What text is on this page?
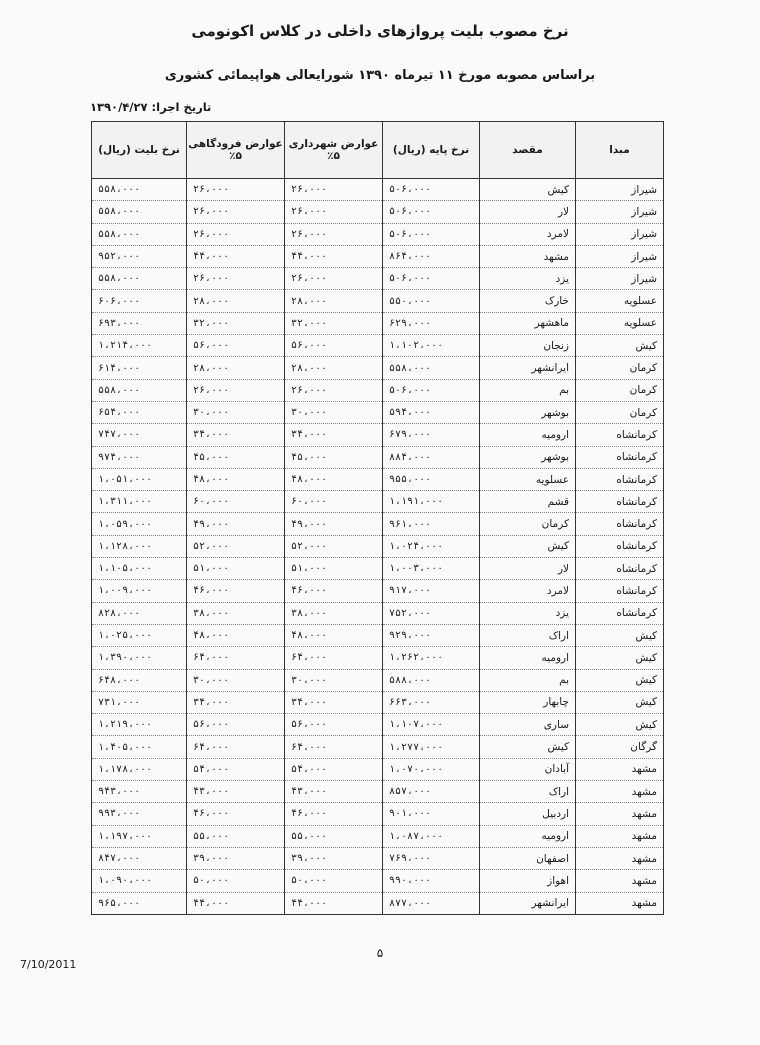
نرخ مصوب بلیت پروازهای داخلی در کلاس اکونومی
براساس مصوبه مورخ ۱۱ تیرماه ۱۳۹۰ شورایعالی هواپیمائی کشوری
تاریخ اجرا: ۱۳۹۰/۴/۲۷
مبدا	مقصد	نرخ پایه (ریال)	عوارض شهرداری ۵٪	عوارض فرودگاهی ۵٪	نرخ بلیت (ریال)
شیراز	کیش	۵۰۶،۰۰۰	۲۶،۰۰۰	۲۶،۰۰۰	۵۵۸،۰۰۰
شیراز	لار	۵۰۶،۰۰۰	۲۶،۰۰۰	۲۶،۰۰۰	۵۵۸،۰۰۰
شیراز	لامرد	۵۰۶،۰۰۰	۲۶،۰۰۰	۲۶،۰۰۰	۵۵۸،۰۰۰
شیراز	مشهد	۸۶۴،۰۰۰	۴۴،۰۰۰	۴۴،۰۰۰	۹۵۲،۰۰۰
شیراز	یزد	۵۰۶،۰۰۰	۲۶،۰۰۰	۲۶،۰۰۰	۵۵۸،۰۰۰
عسلویه	خارک	۵۵۰،۰۰۰	۲۸،۰۰۰	۲۸،۰۰۰	۶۰۶،۰۰۰
عسلویه	ماهشهر	۶۲۹،۰۰۰	۳۲،۰۰۰	۳۲،۰۰۰	۶۹۳،۰۰۰
کیش	زنجان	۱،۱۰۲،۰۰۰	۵۶،۰۰۰	۵۶،۰۰۰	۱،۲۱۴،۰۰۰
کرمان	ایرانشهر	۵۵۸،۰۰۰	۲۸،۰۰۰	۲۸،۰۰۰	۶۱۴،۰۰۰
کرمان	بم	۵۰۶،۰۰۰	۲۶،۰۰۰	۲۶،۰۰۰	۵۵۸،۰۰۰
کرمان	بوشهر	۵۹۴،۰۰۰	۳۰،۰۰۰	۳۰،۰۰۰	۶۵۴،۰۰۰
کرمانشاه	ارومیه	۶۷۹،۰۰۰	۳۴،۰۰۰	۳۴،۰۰۰	۷۴۷،۰۰۰
کرمانشاه	بوشهر	۸۸۴،۰۰۰	۴۵،۰۰۰	۴۵،۰۰۰	۹۷۴،۰۰۰
کرمانشاه	عسلویه	۹۵۵،۰۰۰	۴۸،۰۰۰	۴۸،۰۰۰	۱،۰۵۱،۰۰۰
کرمانشاه	قشم	۱،۱۹۱،۰۰۰	۶۰،۰۰۰	۶۰،۰۰۰	۱،۳۱۱،۰۰۰
کرمانشاه	کرمان	۹۶۱،۰۰۰	۴۹،۰۰۰	۴۹،۰۰۰	۱،۰۵۹،۰۰۰
کرمانشاه	کیش	۱،۰۲۴،۰۰۰	۵۲،۰۰۰	۵۲،۰۰۰	۱،۱۲۸،۰۰۰
کرمانشاه	لار	۱،۰۰۳،۰۰۰	۵۱،۰۰۰	۵۱،۰۰۰	۱،۱۰۵،۰۰۰
کرمانشاه	لامرد	۹۱۷،۰۰۰	۴۶،۰۰۰	۴۶،۰۰۰	۱،۰۰۹،۰۰۰
کرمانشاه	یزد	۷۵۲،۰۰۰	۳۸،۰۰۰	۳۸،۰۰۰	۸۲۸،۰۰۰
کیش	اراک	۹۲۹،۰۰۰	۴۸،۰۰۰	۴۸،۰۰۰	۱،۰۲۵،۰۰۰
کیش	ارومیه	۱،۲۶۲،۰۰۰	۶۴،۰۰۰	۶۴،۰۰۰	۱،۳۹۰،۰۰۰
کیش	بم	۵۸۸،۰۰۰	۳۰،۰۰۰	۳۰،۰۰۰	۶۴۸،۰۰۰
کیش	چابهار	۶۶۳،۰۰۰	۳۴،۰۰۰	۳۴،۰۰۰	۷۳۱،۰۰۰
کیش	ساری	۱،۱۰۷،۰۰۰	۵۶،۰۰۰	۵۶،۰۰۰	۱،۲۱۹،۰۰۰
گرگان	کیش	۱،۲۷۷،۰۰۰	۶۴،۰۰۰	۶۴،۰۰۰	۱،۴۰۵،۰۰۰
مشهد	آبادان	۱،۰۷۰،۰۰۰	۵۴،۰۰۰	۵۴،۰۰۰	۱،۱۷۸،۰۰۰
مشهد	اراک	۸۵۷،۰۰۰	۴۳،۰۰۰	۴۳،۰۰۰	۹۴۳،۰۰۰
مشهد	اردبیل	۹۰۱،۰۰۰	۴۶،۰۰۰	۴۶،۰۰۰	۹۹۳،۰۰۰
مشهد	ارومیه	۱،۰۸۷،۰۰۰	۵۵،۰۰۰	۵۵،۰۰۰	۱،۱۹۷،۰۰۰
مشهد	اصفهان	۷۶۹،۰۰۰	۳۹،۰۰۰	۳۹،۰۰۰	۸۴۷،۰۰۰
مشهد	اهواز	۹۹۰،۰۰۰	۵۰،۰۰۰	۵۰،۰۰۰	۱،۰۹۰،۰۰۰
مشهد	ایرانشهر	۸۷۷،۰۰۰	۴۴،۰۰۰	۴۴،۰۰۰	۹۶۵،۰۰۰
۵
7/10/2011
